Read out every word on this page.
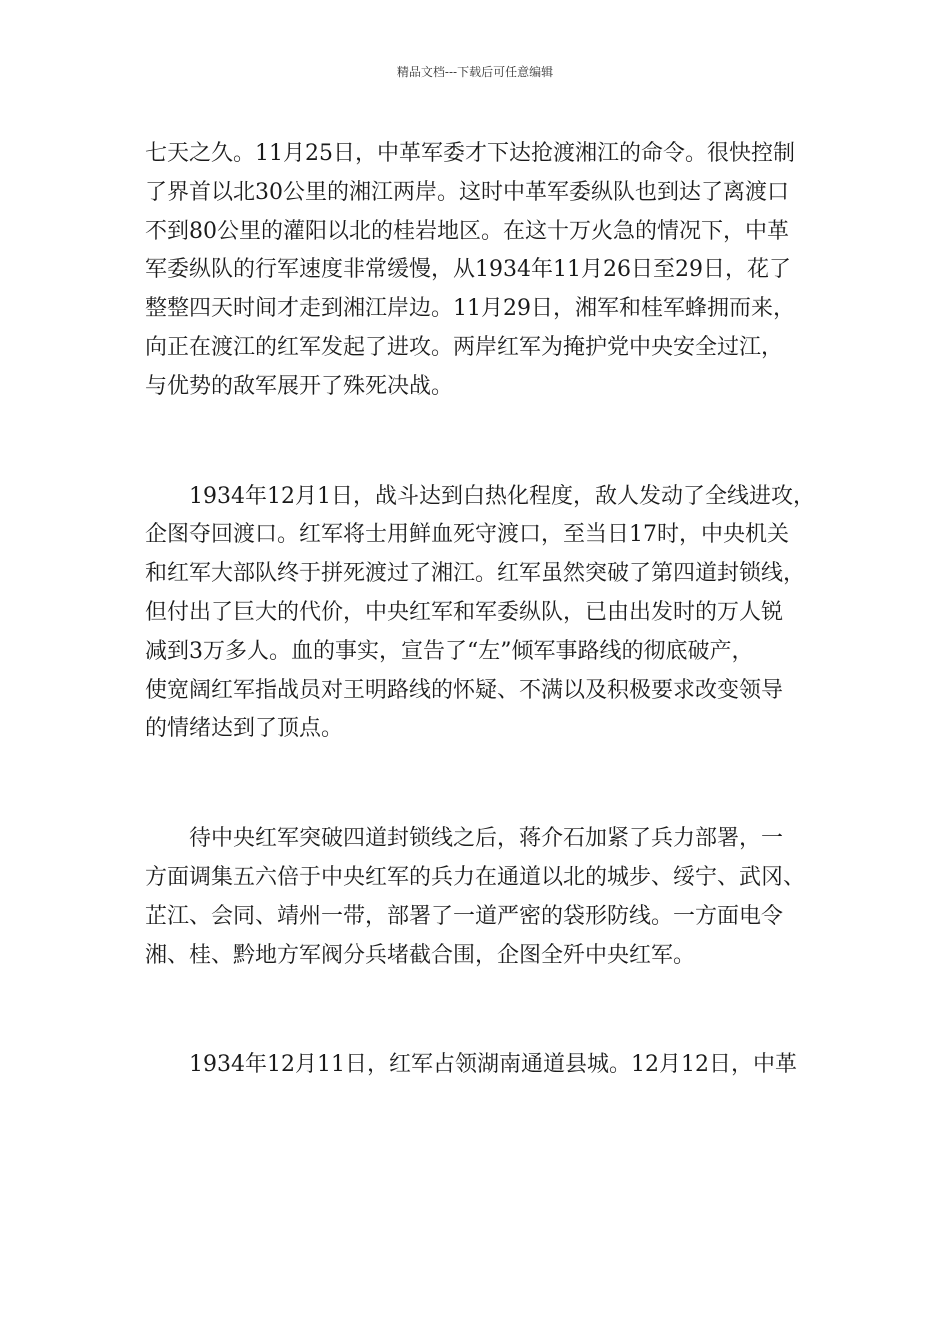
精品文档---下载后可任意编辑

七天之久。11月25日，中革军委才下达抢渡湘江的命令。很快控制
了界首以北30公里的湘江两岸。这时中革军委纵队也到达了离渡口
不到80公里的灌阳以北的桂岩地区。在这十万火急的情况下，中革
军委纵队的行军速度非常缓慢，从1934年11月26日至29日，花了
整整四天时间才走到湘江岸边。11月29日，湘军和桂军蜂拥而来，
向正在渡江的红军发起了进攻。两岸红军为掩护党中央安全过江，
与优势的敌军展开了殊死决战。

1934年12月1日，战斗达到白热化程度，敌人发动了全线进攻，
企图夺回渡口。红军将士用鲜血死守渡口，至当日17时，中央机关
和红军大部队终于拼死渡过了湘江。红军虽然突破了第四道封锁线，
但付出了巨大的代价，中央红军和军委纵队，已由出发时的万人锐
减到3万多人。血的事实，宣告了“左”倾军事路线的彻底破产，
使宽阔红军指战员对王明路线的怀疑、不满以及积极要求改变领导
的情绪达到了顶点。

待中央红军突破四道封锁线之后，蒋介石加紧了兵力部署，一
方面调集五六倍于中央红军的兵力在通道以北的城步、绥宁、武冈、
芷江、会同、靖州一带，部署了一道严密的袋形防线。一方面电令
湘、桂、黔地方军阀分兵堵截合围，企图全歼中央红军。

1934年12月11日，红军占领湖南通道县城。12月12日，中革
